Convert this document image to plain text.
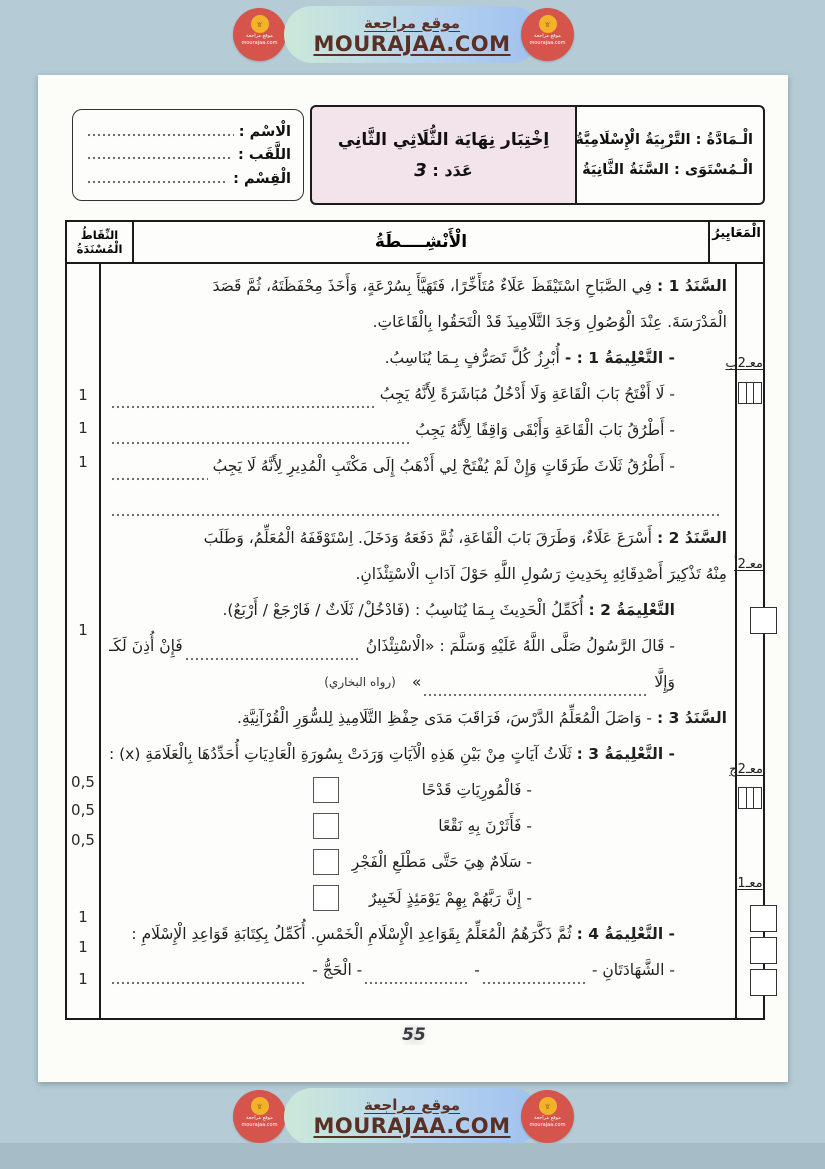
۩
موقع مراجعة
mourajaa.com
موقع مراجعة
MOURAJAA.COM
۩
موقع مراجعة
mourajaa.com
الْـمَادَّةُ : التَّرْبِيَةُ الْإِسْلَامِيَّةُ
الْـمُسْتَوَى : السَّنَةُ الثَّانِيَةُ
اِخْتِبَار نِهَايَة الثُّلَاثِي الثَّانِي
عَدَد : 3
الْاسْم :
اللَّقَب :
الْقِسْم :
الْمَعَايِيرُ
الْأَنْشِــــطَةُ
النِّقَاطُ الْمُسْنَدَةُ
معـ2ب
معـ2أ
معـ2ج
معـ1
السَّنَدُ 1 :
فِي الصَّبَاحِ اسْتَيْقَظَ عَلَاءٌ مُتَأَخِّرًا، فَتَهَيَّأَ بِسُرْعَةٍ، وَأَخَذَ مِحْفَظَتَهُ، ثُمَّ قَصَدَ
الْمَدْرَسَةَ. عِنْدَ الْوُصُولِ وَجَدَ التَّلَامِيذَ قَدْ الْتَحَقُوا بِالْقَاعَاتِ.
- التَّعْلِيمَةُ 1 : -
أُبْرِزُ كُلَّ تَصَرُّفٍ بِـمَا يُنَاسِبُ.
- لَا أَفْتَحُ بَابَ الْقَاعَةِ وَلَا أَدْخُلُ مُبَاشَرَةً لِأَنَّهُ يَجِبُ
- أَطْرُقُ بَابَ الْقَاعَةِ وَأَبْقَى وَاقِفًا لِأَنَّهُ يَجِبُ
- أَطْرُقُ ثَلَاثَ طَرَقَاتٍ وَإِنْ لَمْ يُفْتَحْ لِي أَذْهَبُ إِلَى مَكْتَبِ الْمُدِيرِ لِأَنَّهُ لَا يَجِبُ
السَّنَدُ 2 :
أَسْرَعَ عَلَاءٌ، وَطَرَقَ بَابَ الْقَاعَةِ، ثُمَّ دَفَعَهُ وَدَخَلَ. اِسْتَوْقَفَهُ الْمُعَلِّمُ، وَطَلَبَ
مِنْهُ تَذْكِيرَ أَصْدِقَائِهِ بِحَدِيثِ رَسُولِ اللَّهِ حَوْلَ آدَابِ الْاسْتِئْذَانِ.
التَّعْلِيمَةُ 2 :
أُكَمِّلُ الْحَدِيثَ بِـمَا يُنَاسِبُ : (فَادْخُلْ/ ثَلَاثٌ / فَارْجَعْ / أَرْبَعٌ).
- قَالَ الرَّسُولُ صَلَّى اللَّهُ عَلَيْهِ وَسَلَّمَ : «الْاسْتِئْذَانُ
فَإِنْ أُذِنَ لَكَـ
وَإِلَّا
»
(رواه البخاري)
السَّنَدُ 3 :
- وَاصَلَ الْمُعَلِّمُ الدَّرْسَ، فَرَاقَبَ مَدَى حِفْظِ التَّلَامِيذِ لِلسُّوَرِ الْقُرْآنِيَّةِ.
- التَّعْلِيمَةُ 3 :
ثَلَاثُ آيَاتٍ مِنْ بَيْنِ هَذِهِ الْآيَاتِ وَرَدَتْ بِسُورَةِ الْعَادِيَاتِ أُحَدِّدُهَا بِالْعَلَامَةِ (x) :
- فَالْمُورِيَاتِ قَدْحًا
- فَأَثَرْنَ بِهِ نَقْعًا
- سَلَامٌ هِيَ حَتَّى مَطْلَعِ الْفَجْرِ
- إِنَّ رَبَّهُمْ بِهِمْ يَوْمَئِذٍ لَخَبِيرٌ
- التَّعْلِيمَةُ 4 :
ثُمَّ ذَكَّرَهُمُ الْمُعَلِّمُ بِقَوَاعِدِ الْإِسْلَامِ الْخَمْسِ. أُكَمِّلُ بِكِتَابَةِ قَوَاعِدِ الْإِسْلَامِ :
- الشَّهَادَتَانِ -
-
- الْحَجُّ -
1
1
1
1
0,5
0,5
0,5
1
1
1
55
۩
موقع مراجعة
mourajaa.com
موقع مراجعة
MOURAJAA.COM
۩
موقع مراجعة
mourajaa.com
